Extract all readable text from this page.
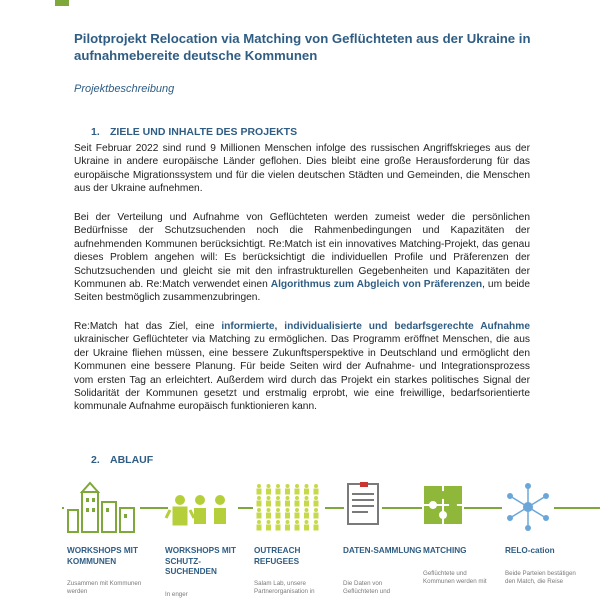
Pilotprojekt Relocation via Matching von Geflüchteten aus der Ukraine in aufnahmebereite deutsche Kommunen
Projektbeschreibung
1. ZIELE UND INHALTE DES PROJEKTS
Seit Februar 2022 sind rund 9 Millionen Menschen infolge des russischen Angriffskrieges aus der Ukraine in andere europäische Länder geflohen. Dies bleibt eine große Herausforderung für das europäische Migrationssystem und für die vielen deutschen Städten und Gemeinden, die Menschen aus der Ukraine aufnehmen.
Bei der Verteilung und Aufnahme von Geflüchteten werden zumeist weder die persönlichen Bedürfnisse der Schutzsuchenden noch die Rahmenbedingungen und Kapazitäten der aufnehmenden Kommunen berücksichtigt. Re:Match ist ein innovatives Matching-Projekt, das genau dieses Problem angehen will: Es berücksichtigt die individuellen Profile und Präferenzen der Schutzsuchenden und gleicht sie mit den infrastrukturellen Gegebenheiten und Kapazitäten der Kommunen ab. Re:Match verwendet einen Algorithmus zum Abgleich von Präferenzen, um beide Seiten bestmöglich zusammenzubringen.
Re:Match hat das Ziel, eine informierte, individualisierte und bedarfsgerechte Aufnahme ukrainischer Geflüchteter via Matching zu ermöglichen. Das Programm eröffnet Menschen, die aus der Ukraine fliehen müssen, eine bessere Zukunftsperspektive in Deutschland und ermöglicht den Kommunen eine bessere Planung. Für beide Seiten wird der Aufnahme- und Integrationsprozess vom ersten Tag an erleichtert. Außerdem wird durch das Projekt ein starkes politisches Signal der Solidarität der Kommunen gesetzt und erstmalig erprobt, wie eine freiwillige, bedarfsorientierte kommunale Aufnahme europäisch funktionieren kann.
2. ABLAUF
WORKSHOPS MIT KOMMUNEN
Zusammen mit Kommunen werden
WORKSHOPS MIT SCHUTZ-SUCHENDEN
In enger
OUTREACH REFUGEES
Salam Lab, unsere Partnerorganisation in
DATEN-SAMMLUNG
Die Daten von Geflüchteten und
MATCHING
Geflüchtete und Kommunen werden mit
RELO-cation
Beide Parteien bestätigen den Match, die Reise
